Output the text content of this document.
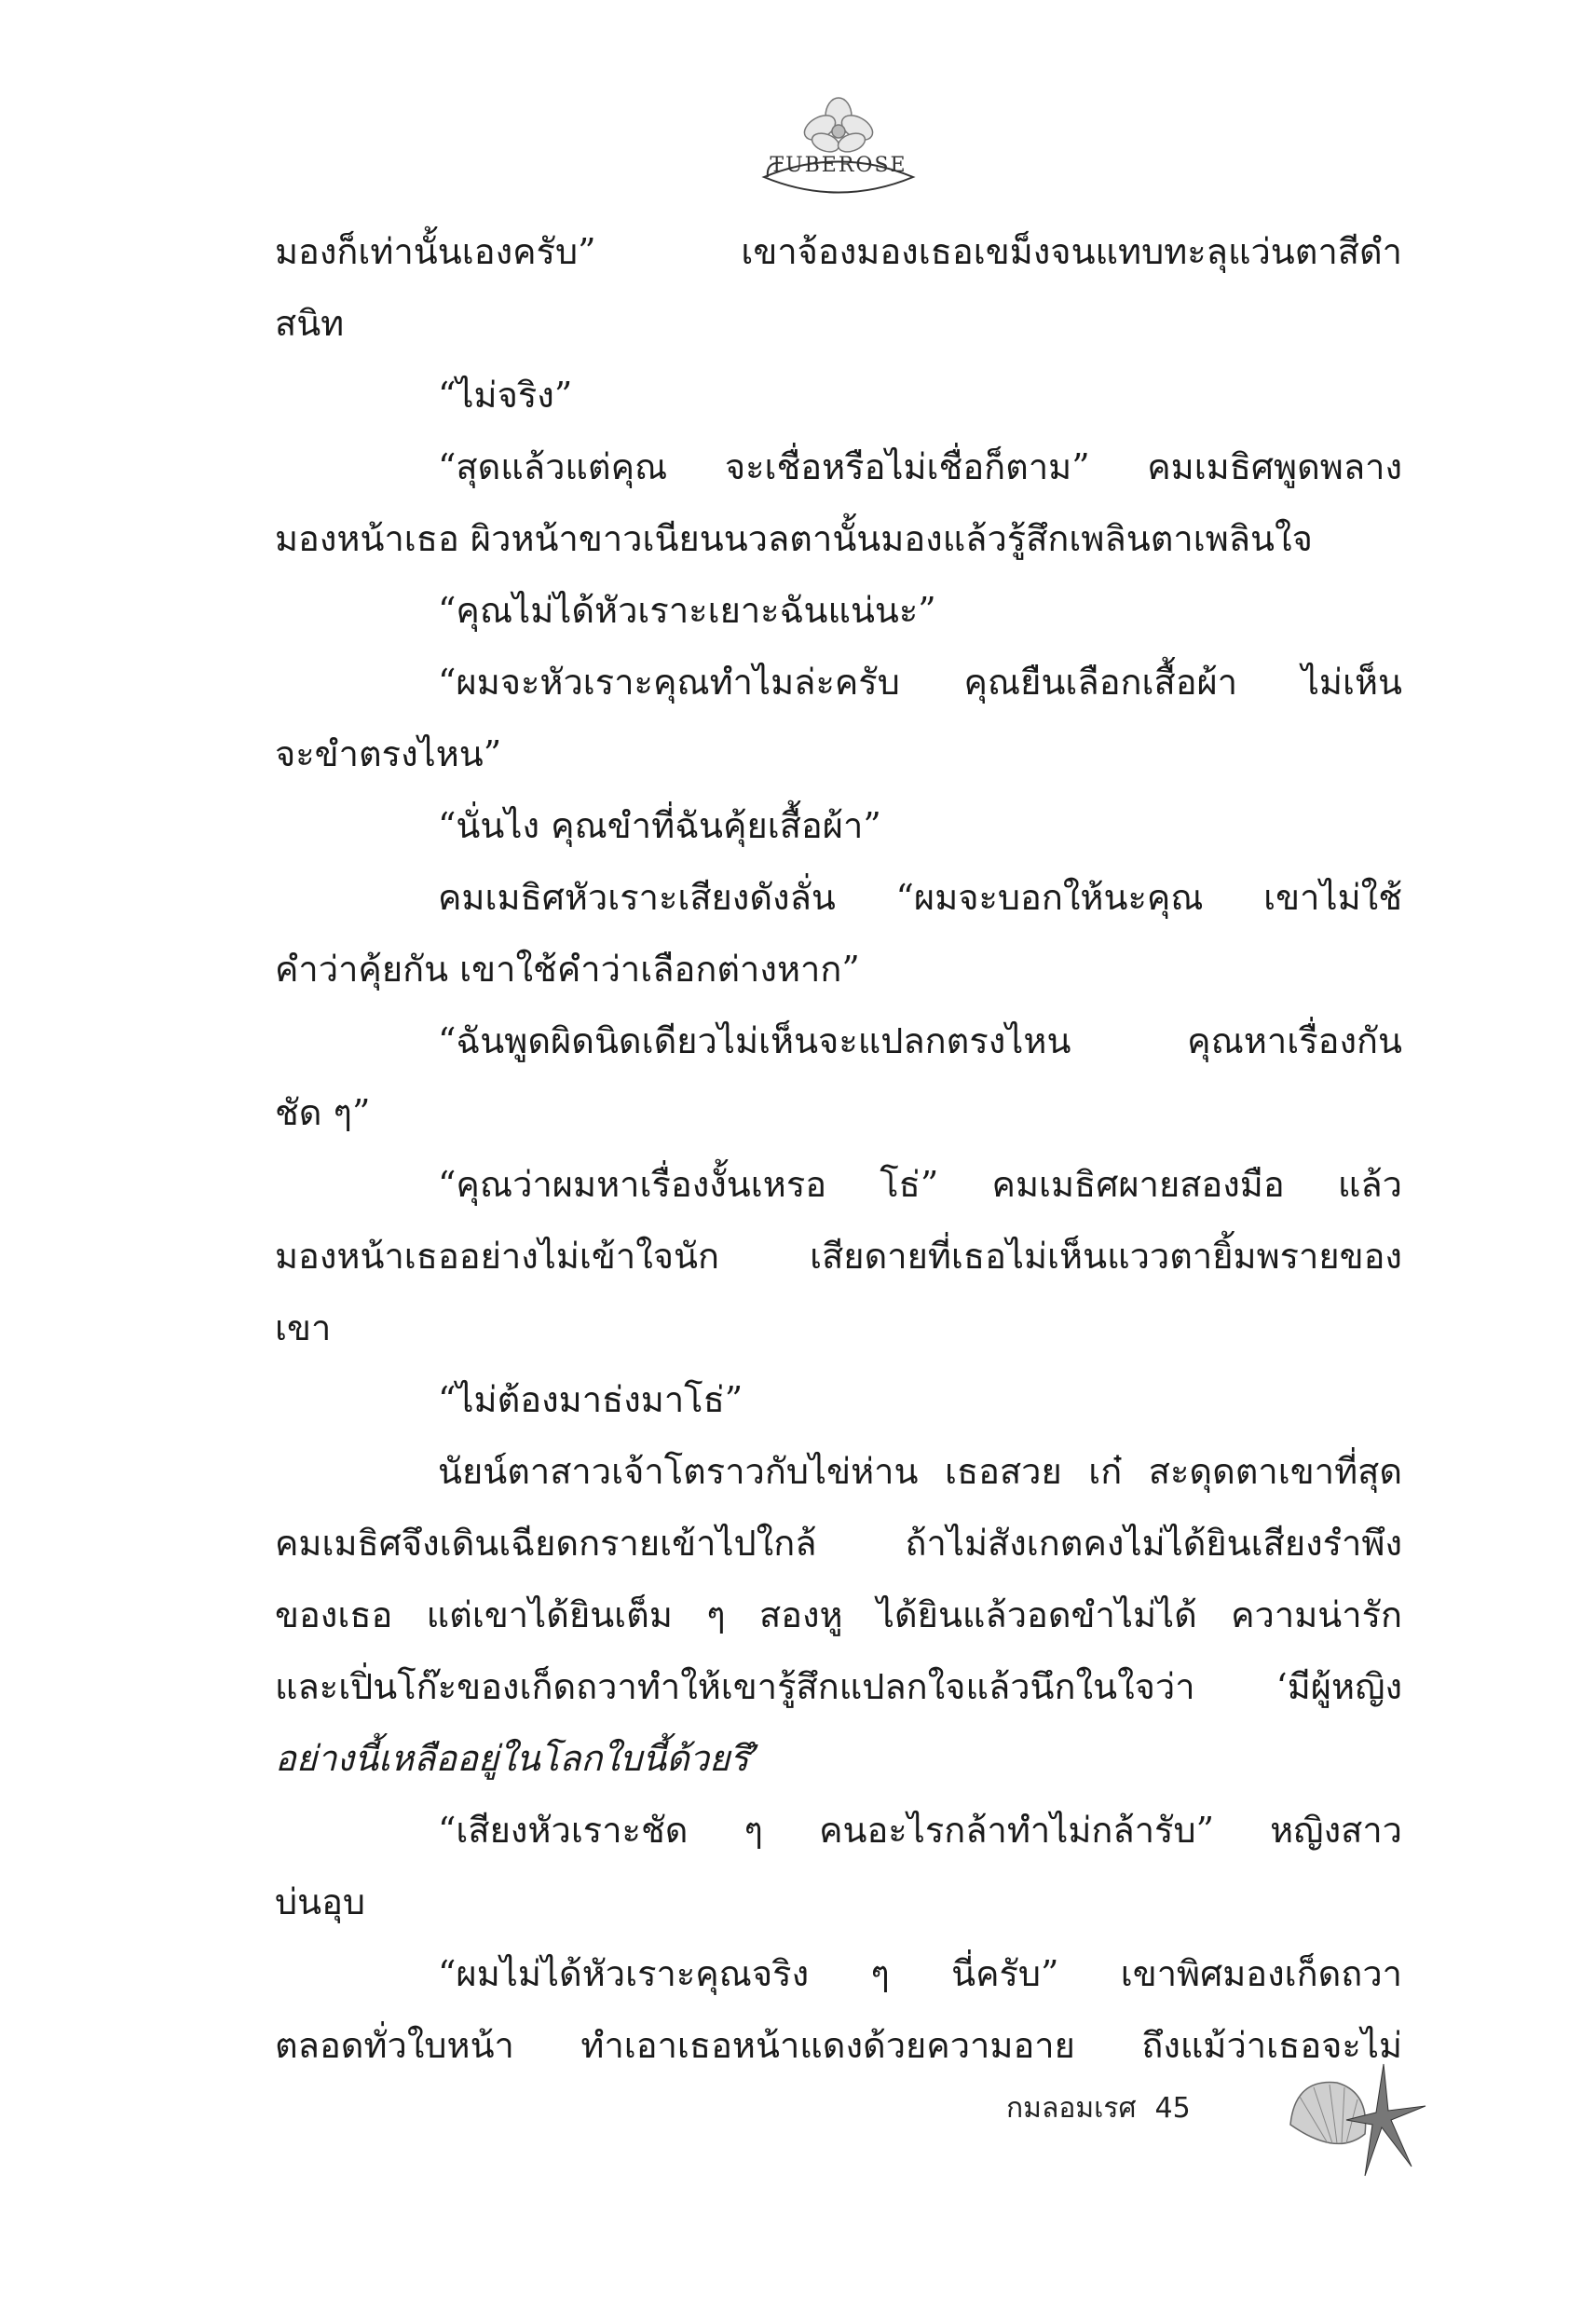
TUBEROSE
มองก็เท่านั้นเองครับ” เขาจ้องมองเธอเขม็งจนแทบทะลุแว่นตาสีดำ
สนิท
“ไม่จริง”
“สุดแล้วแต่คุณ จะเชื่อหรือไม่เชื่อก็ตาม” คมเมธิศพูดพลาง
มองหน้าเธอ ผิวหน้าขาวเนียนนวลตานั้นมองแล้วรู้สึกเพลินตาเพลินใจ
“คุณไม่ได้หัวเราะเยาะฉันแน่นะ”
“ผมจะหัวเราะคุณทำไมล่ะครับ คุณยืนเลือกเสื้อผ้า ไม่เห็น
จะขำตรงไหน”
“นั่นไง คุณขำที่ฉันคุ้ยเสื้อผ้า”
คมเมธิศหัวเราะเสียงดังลั่น “ผมจะบอกให้นะคุณ เขาไม่ใช้
คำว่าคุ้ยกัน เขาใช้คำว่าเลือกต่างหาก”
“ฉันพูดผิดนิดเดียวไม่เห็นจะแปลกตรงไหน คุณหาเรื่องกัน
ชัด ๆ”
“คุณว่าผมหาเรื่องงั้นเหรอ โธ่” คมเมธิศผายสองมือ แล้ว
มองหน้าเธออย่างไม่เข้าใจนัก เสียดายที่เธอไม่เห็นแววตายิ้มพรายของ
เขา
“ไม่ต้องมาธ่งมาโธ่”
นัยน์ตาสาวเจ้าโตราวกับไข่ห่าน เธอสวย เก๋ สะดุดตาเขาที่สุด
คมเมธิศจึงเดินเฉียดกรายเข้าไปใกล้ ถ้าไม่สังเกตคงไม่ได้ยินเสียงรำพึง
ของเธอ แต่เขาได้ยินเต็ม ๆ สองหู ได้ยินแล้วอดขำไม่ได้ ความน่ารัก
และเปิ่นโก๊ะของเก็ดถวาทำให้เขารู้สึกแปลกใจแล้วนึกในใจว่า ‘มีผู้หญิง
อย่างนี้เหลืออยู่ในโลกใบนี้ด้วยรึ’
“เสียงหัวเราะชัด ๆ คนอะไรกล้าทำไม่กล้ารับ” หญิงสาว
บ่นอุบ
“ผมไม่ได้หัวเราะคุณจริง ๆ นี่ครับ” เขาพิศมองเก็ดถวา
ตลอดทั่วใบหน้า ทำเอาเธอหน้าแดงด้วยความอาย ถึงแม้ว่าเธอจะไม่
กมลอมเรศ 45
